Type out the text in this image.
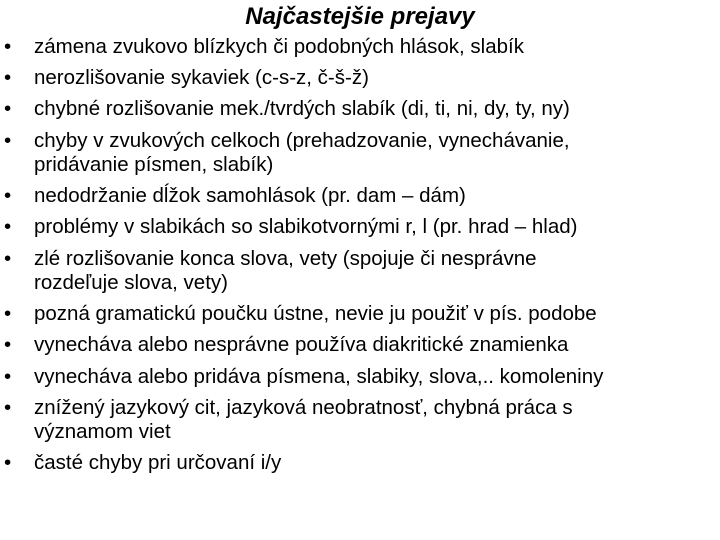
Najčastejšie prejavy
• zámena zvukovo blízkych či podobných hlások, slabík
• nerozlišovanie sykaviek (c-s-z, č-š-ž)
• chybné rozlišovanie mek./tvrdých slabík (di, ti, ni, dy, ty, ny)
• chyby v zvukových celkoch (prehadzovanie, vynechávanie,
pridávanie písmen, slabík)
• nedodržanie dĺžok samohlások (pr. dam – dám)
• problémy v slabikách so slabikotvornými r, l (pr. hrad – hlad)
• zlé rozlišovanie konca slova, vety (spojuje či nesprávne
rozdeľuje slova, vety)
• pozná gramatickú poučku ústne, nevie ju použiť v pís. podobe
• vynecháva alebo nesprávne používa diakritické znamienka
• vynecháva alebo pridáva písmena, slabiky, slova,.. komoleniny
• znížený jazykový cit, jazyková neobratnosť, chybná práca s
významom viet
• časté chyby pri určovaní i/y
